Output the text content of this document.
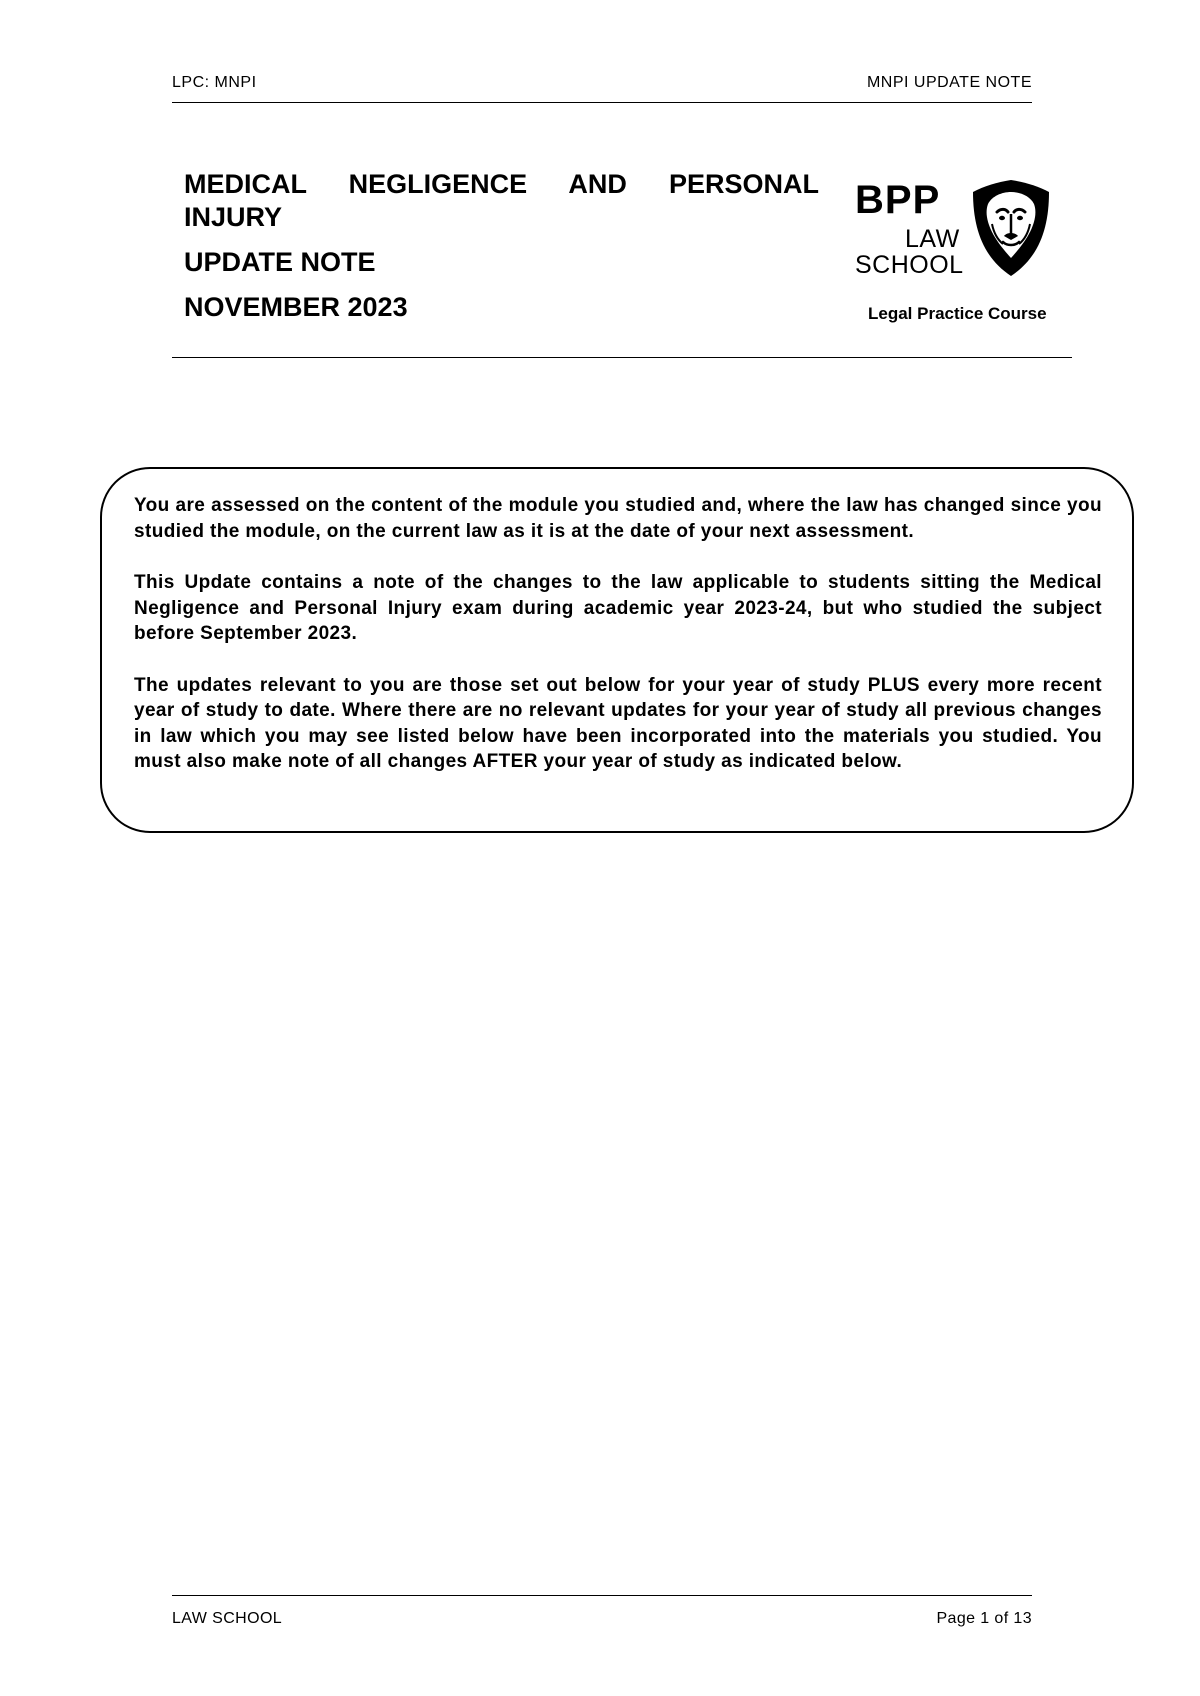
LPC: MNPI	MNPI UPDATE NOTE

MEDICAL NEGLIGENCE AND PERSONAL INJURY

UPDATE NOTE

NOVEMBER 2023

BPP
LAW
SCHOOL
Legal Practice Course

You are assessed on the content of the module you studied and, where the law has changed since you studied the module, on the current law as it is at the date of your next assessment.

This Update contains a note of the changes to the law applicable to students sitting the Medical Negligence and Personal Injury exam during academic year 2023-24, but who studied the subject before September 2023.

The updates relevant to you are those set out below for your year of study PLUS every more recent year of study to date. Where there are no relevant updates for your year of study all previous changes in law which you may see listed below have been incorporated into the materials you studied. You must also make note of all changes AFTER your year of study as indicated below.

LAW SCHOOL	Page 1 of 13
